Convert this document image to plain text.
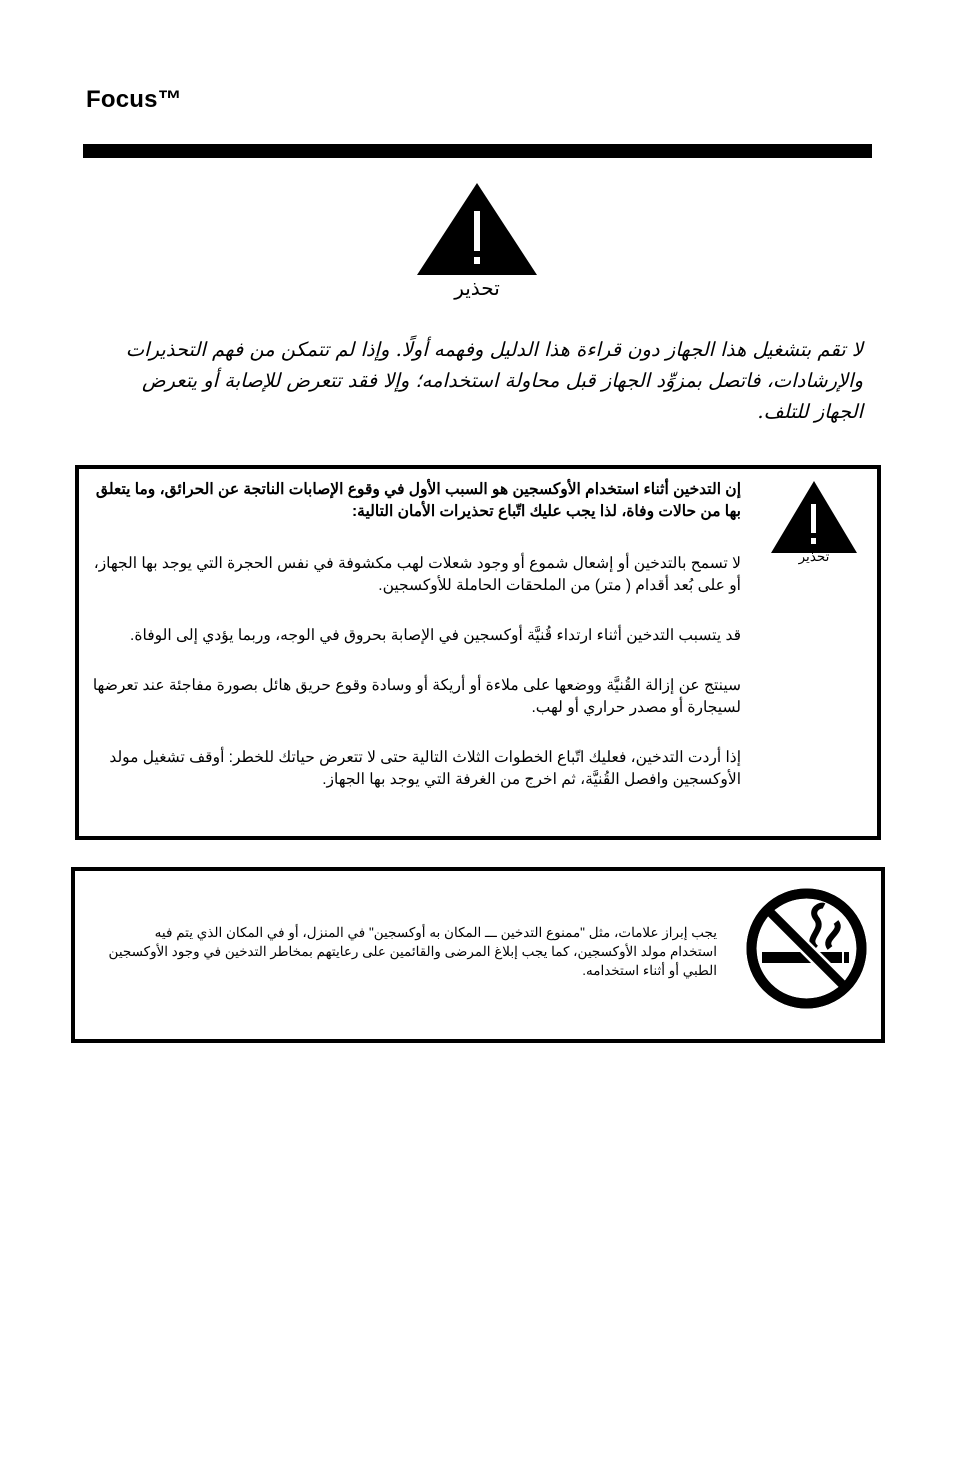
Focus™
تحذير
لا تقم بتشغيل هذا الجهاز دون قراءة هذا الدليل وفهمه أولًا. وإذا لم تتمكن من فهم التحذيرات والإرشادات، فاتصل بمزوِّد الجهاز قبل محاولة استخدامه؛ وإلا فقد تتعرض للإصابة أو يتعرض الجهاز للتلف.
تحذير

إن التدخين أثناء استخدام الأوكسجين هو السبب الأول في وقوع الإصابات الناتجة عن الحرائق، وما يتعلق بها من حالات وفاة، لذا يجب عليك اتّباع تحذيرات الأمان التالية:

لا تسمح بالتدخين أو إشعال شموع أو وجود شعلات لهب مكشوفة في نفس الحجرة التي يوجد بها الجهاز، أو على بُعد أقدام ( متر) من الملحقات الحاملة للأوكسجين.

قد يتسبب التدخين أثناء ارتداء قُنيَّة أوكسجين في الإصابة بحروق في الوجه، وربما يؤدي إلى الوفاة.

سينتج عن إزالة القُنيَّة ووضعها على ملاءة أو أريكة أو وسادة وقوع حريق هائل بصورة مفاجئة عند تعرضها لسيجارة أو مصدر حراري أو لهب.

إذا أردت التدخين، فعليك اتّباع الخطوات الثلاث التالية حتى لا تتعرض حياتك للخطر: أوقف تشغيل مولد الأوكسجين وافصل القُنيَّة، ثم اخرج من الغرفة التي يوجد بها الجهاز.

يجب إبراز علامات، مثل "ممنوع التدخين ـــ المكان به أوكسجين" في المنزل، أو في المكان الذي يتم فيه استخدام مولد الأوكسجين، كما يجب إبلاغ المرضى والقائمين على رعايتهم بمخاطر التدخين في وجود الأوكسجين الطبي أو أثناء استخدامه.
